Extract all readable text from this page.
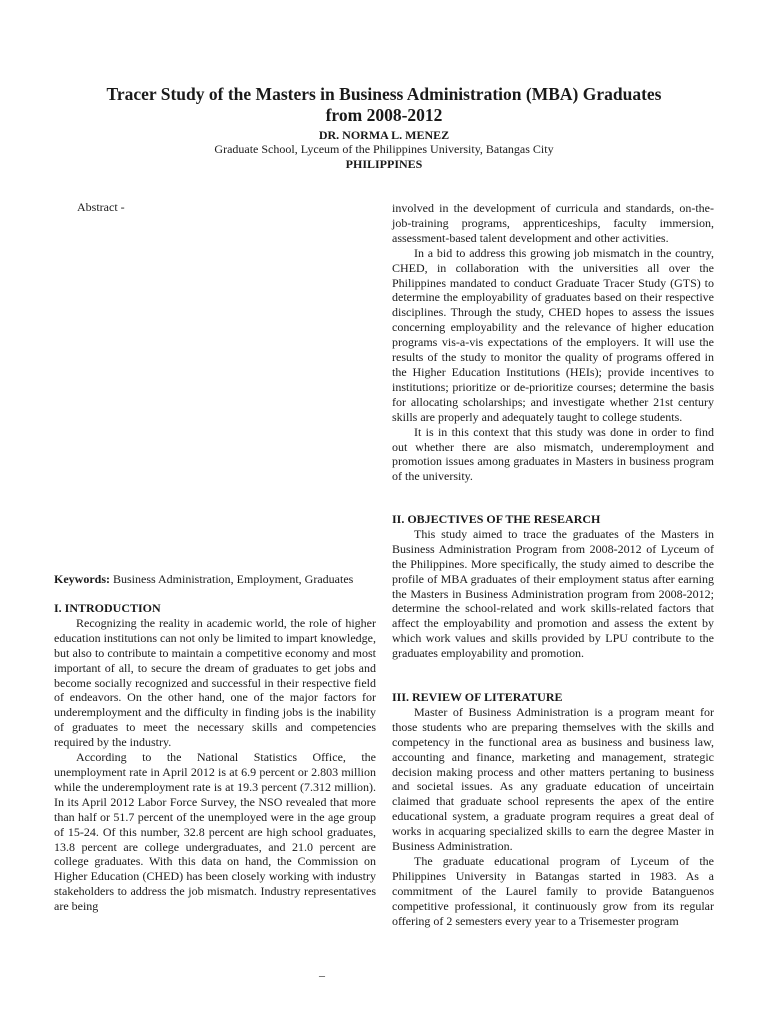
Tracer Study of the Masters in Business Administration (MBA) Graduates
from 2008-2012
DR. NORMA L. MENEZ
Graduate School, Lyceum of the Philippines University, Batangas City
PHILIPPINES
Abstract -
Keywords: Business Administration, Employment, Graduates

I. INTRODUCTION

Recognizing the reality in academic world, the role of higher education institutions can not only be limited to impart knowledge, but also to contribute to maintain a competitive economy and most important of all, to secure the dream of graduates to get jobs and become socially recognized and successful in their respective field of endeavors. On the other hand, one of the major factors for underemployment and the difficulty in finding jobs is the inability of graduates to meet the necessary skills and competencies required by the industry.

According to the National Statistics Office, the unemployment rate in April 2012 is at 6.9 percent or 2.803 million while the underemployment rate is at 19.3 percent (7.312 million). In its April 2012 Labor Force Survey, the NSO revealed that more than half or 51.7 percent of the unemployed were in the age group of 15-24. Of this number, 32.8 percent are high school graduates, 13.8 percent are college undergraduates, and 21.0 percent are college graduates. With this data on hand, the Commission on Higher Education (CHED) has been closely working with industry stakeholders to address the job mismatch. Industry representatives are being

involved in the development of curricula and standards, on-the-job-training programs, apprenticeships, faculty immersion, assessment-based talent development and other activities.

In a bid to address this growing job mismatch in the country, CHED, in collaboration with the universities all over the Philippines mandated to conduct Graduate Tracer Study (GTS) to determine the employability of graduates based on their respective disciplines. Through the study, CHED hopes to assess the issues concerning employability and the relevance of higher education programs vis-a-vis expectations of the employers. It will use the results of the study to monitor the quality of programs offered in the Higher Education Institutions (HEIs); provide incentives to institutions; prioritize or de-prioritize courses; determine the basis for allocating scholarships; and investigate whether 21st century skills are properly and adequately taught to college students.

It is in this context that this study was done in order to find out whether there are also mismatch, underemployment and promotion issues among graduates in Masters in business program of the university.

II. OBJECTIVES OF THE RESEARCH

This study aimed to trace the graduates of the Masters in Business Administration Program from 2008-2012 of Lyceum of the Philippines. More specifically, the study aimed to describe the profile of MBA graduates of their employment status after earning the Masters in Business Administration program from 2008-2012; determine the school-related and work skills-related factors that affect the employability and promotion and assess the extent by which work values and skills provided by LPU contribute to the graduates employability and promotion.

III. REVIEW OF LITERATURE

Master of Business Administration is a program meant for those students who are preparing themselves with the skills and competency in the functional area as business and business law, accounting and finance, marketing and management, strategic decision making process and other matters pertaning to business and societal issues. As any graduate education of unceirtain claimed that graduate school represents the apex of the entire educational system, a graduate program requires a great deal of works in acquaring specialized skills to earn the degree Master in Business Administration.

The graduate educational program of Lyceum of the Philippines University in Batangas started in 1983. As a commitment of the Laurel family to provide Batanguenos competitive professional, it continuously grow from its regular offering of 2 semesters every year to a Trisemester program

–
